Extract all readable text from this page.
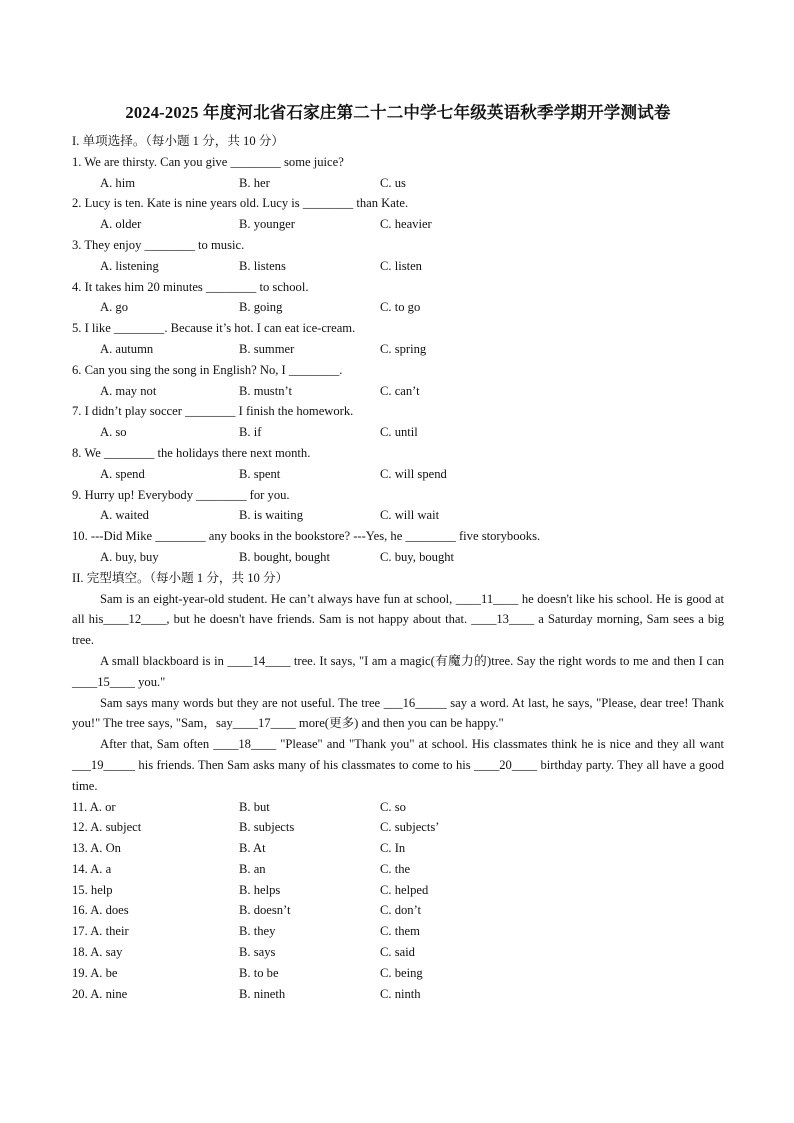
2024-2025 年度河北省石家庄第二十二中学七年级英语秋季学期开学测试卷
I. 单项选择。（每小题 1 分，共 10 分）
1. We are thirsty. Can you give ________ some juice?
A. him	B. her	C. us
2. Lucy is ten. Kate is nine years old. Lucy is ________ than Kate.
A. older	B. younger	C. heavier
3. They enjoy ________ to music.
A. listening	B. listens	C. listen
4. It takes him 20 minutes ________ to school.
A. go	B. going	C. to go
5. I like ________. Because it’s hot. I can eat ice-cream.
A. autumn	B. summer	C. spring
6. Can you sing the song in English? No, I ________.
A. may not	B. mustn’t	C. can’t
7. I didn’t play soccer ________ I finish the homework.
A. so	B. if	C. until
8. We ________ the holidays there next month.
A. spend	B. spent	C. will spend
9. Hurry up! Everybody ________ for you.
A. waited	B. is waiting	C. will wait
10. ---Did Mike ________ any books in the bookstore? ---Yes, he ________ five storybooks.
A. buy, buy	B. bought, bought	C. buy, bought
II. 完型填空。（每小题 1 分，共 10 分）

Sam is an eight-year-old student. He can’t always have fun at school, ____11____ he doesn't like his school. He is good at all his____12____, but he doesn't have friends. Sam is not happy about that. ____13____ a Saturday morning, Sam sees a big tree.

A small blackboard is in ____14____ tree. It says, "I am a magic(有魔力的)tree. Say the right words to me and then I can ____15____ you."

Sam says many words but they are not useful. The tree ___16_____ say a word. At last, he says, "Please, dear tree! Thank you!" The tree says, "Sam，say____17____ more(更多) and then you can be happy."

After that, Sam often ____18____ "Please" and "Thank you" at school. His classmates think he is nice and they all want ___19_____ his friends. Then Sam asks many of his classmates to come to his ____20____ birthday party. They all have a good time.

11. A. or	B. but	C. so
12. A. subject	B. subjects	C. subjects’
13. A. On	B. At	C. In
14. A. a	B. an	C. the
15. help	B. helps	C. helped
16. A. does	B. doesn’t	C. don’t
17. A. their	B. they	C. them
18. A. say	B. says	C. said
19. A. be	B. to be	C. being
20. A. nine	B. nineth	C. ninth
